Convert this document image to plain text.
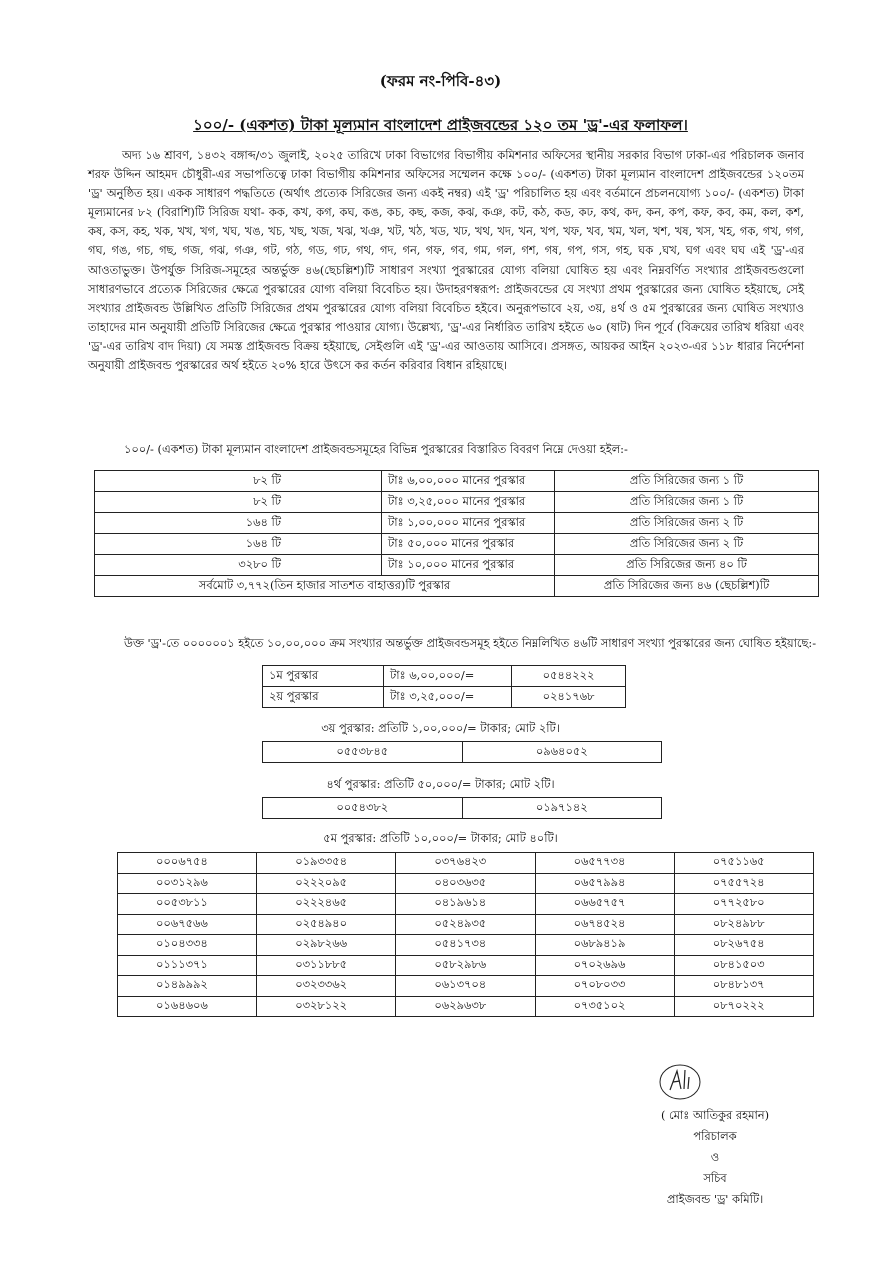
(ফরম নং-পিবি-৪৩)
১০০/- (একশত) টাকা মূল্যমান বাংলাদেশ প্রাইজবন্ডের ১২০ তম 'ড্র'-এর ফলাফল।
অদ্য ১৬ শ্রাবণ, ১৪৩২ বঙ্গাব্দ/৩১ জুলাই, ২০২৫ তারিখে ঢাকা বিভাগের বিভাগীয় কমিশনার অফিসের স্থানীয় সরকার বিভাগ ঢাকা-এর পরিচালক জনাব শরফ উদ্দিন আহমদ চৌধুরী-এর সভাপতিত্বে ঢাকা বিভাগীয় কমিশনার অফিসের সম্মেলন কক্ষে ১০০/- (একশত) টাকা মূল্যমান বাংলাদেশ প্রাইজবন্ডের ১২০তম 'ড্র' অনুষ্ঠিত হয়। একক সাধারণ পদ্ধতিতে (অর্থাৎ প্রত্যেক সিরিজের জন্য একই নম্বর) এই 'ড্র' পরিচালিত হয় এবং বর্তমানে প্রচলনযোগ্য ১০০/- (একশত) টাকা মূল্যমানের ৮২ (বিরাশি)টি সিরিজ যথা- কক, কখ, কগ, কঘ, কঙ, কচ, কছ, কজ, কঝ, কঞ, কট, কঠ, কড, কঢ, কথ, কদ, কন, কপ, কফ, কব, কম, কল, কশ, কষ, কস, কহ, খক, খখ, খগ, খঘ, খঙ, খচ, খছ, খজ, খঝ, খঞ, খট, খঠ, খড, খঢ, খথ, খদ, খন, খপ, খফ, খব, খম, খল, খশ, খষ, খস, খহ, গক, গখ, গগ, গঘ, গঙ, গচ, গছ, গজ, গঝ, গঞ, গট, গঠ, গড, গঢ, গথ, গদ, গন, গফ, গব, গম, গল, গশ, গষ, গপ, গস, গহ, ঘক ,ঘখ, ঘগ এবং ঘঘ এই 'ড্র'-এর আওতাভুক্ত। উপর্যুক্ত সিরিজ-সমূহের অন্তর্ভুক্ত ৪৬(ছেচল্লিশ)টি সাধারণ সংখ্যা পুরস্কারের যোগ্য বলিয়া ঘোষিত হয় এবং নিম্নবর্ণিত সংখ্যার প্রাইজবন্ডগুলো সাধারণভাবে প্রত্যেক সিরিজের ক্ষেত্রে পুরস্কারের যোগ্য বলিয়া বিবেচিত হয়। উদাহরণস্বরূপ: প্রাইজবন্ডের যে সংখ্যা প্রথম পুরস্কারের জন্য ঘোষিত হইয়াছে, সেই সংখ্যার প্রাইজবন্ড উল্লিখিত প্রতিটি সিরিজের প্রথম পুরস্কারের যোগ্য বলিয়া বিবেচিত হইবে। অনুরূপভাবে ২য়, ৩য়, ৪র্থ ও ৫ম পুরস্কারের জন্য ঘোষিত সংখ্যাও তাহাদের মান অনুযায়ী প্রতিটি সিরিজের ক্ষেত্রে পুরস্কার পাওয়ার যোগ্য। উল্লেখ্য, 'ড্র'-এর নির্ধারিত তারিখ হইতে ৬০ (ষাট) দিন পূর্বে (বিক্রয়ের তারিখ ধরিয়া এবং 'ড্র'-এর তারিখ বাদ দিয়া) যে সমস্ত প্রাইজবন্ড বিক্রয় হইয়াছে, সেইগুলি এই 'ড্র'-এর আওতায় আসিবে। প্রসঙ্গত, আয়কর আইন ২০২৩-এর ১১৮ ধারার নির্দেশনা অনুযায়ী প্রাইজবন্ড পুরস্কারের অর্থ হইতে ২০% হারে উৎসে কর কর্তন করিবার বিধান রহিয়াছে।
১০০/- (একশত) টাকা মূল্যমান বাংলাদেশ প্রাইজবন্ডসমূহের বিভিন্ন পুরস্কারের বিস্তারিত বিবরণ নিম্নে দেওয়া হইল:-
৮২ টি	টাঃ ৬,০০,০০০ মানের পুরস্কার	প্রতি সিরিজের জন্য ১ টি
৮২ টি	টাঃ ৩,২৫,০০০ মানের পুরস্কার	প্রতি সিরিজের জন্য ১ টি
১৬৪ টি	টাঃ ১,০০,০০০ মানের পুরস্কার	প্রতি সিরিজের জন্য ২ টি
১৬৪ টি	টাঃ ৫০,০০০ মানের পুরস্কার	প্রতি সিরিজের জন্য ২ টি
৩২৮০ টি	টাঃ ১০,০০০ মানের পুরস্কার	প্রতি সিরিজের জন্য ৪০ টি
সর্বমোট ৩,৭৭২(তিন হাজার সাতশত বাহাত্তর)টি পুরস্কার		প্রতি সিরিজের জন্য ৪৬ (ছেচল্লিশ)টি
উক্ত 'ড্র'-তে ০০০০০০১ হইতে ১০,০০,০০০ ক্রম সংখ্যার অন্তর্ভুক্ত প্রাইজবন্ডসমূহ হইতে নিম্নলিখিত ৪৬টি সাধারণ সংখ্যা পুরস্কারের জন্য ঘোষিত হইয়াছে:-
১ম পুরস্কার	টাঃ ৬,০০,০০০/=	০৫৪৪২২২
২য় পুরস্কার	টাঃ ৩,২৫,০০০/=	০২৪১৭৬৮
৩য় পুরস্কার: প্রতিটি ১,০০,০০০/= টাকার; মোট ২টি।
০৫৫৩৮৪৫	০৯৬৪০৫২
৪র্থ পুরস্কার: প্রতিটি ৫০,০০০/= টাকার; মোট ২টি।
০০৫৪৩৮২	০১৯৭১৪২
৫ম পুরস্কার: প্রতিটি ১০,০০০/= টাকার; মোট ৪০টি।
০০০৬৭৫৪	০১৯৩৩৫৪	০৩৭৬৪২৩	০৬৫৭৭৩৪	০৭৫১১৬৫
০০৩১২৯৬	০২২২০৯৫	০৪০৩৬৩৫	০৬৫৭৯৯৪	০৭৫৫৭২৪
০০৫৩৮১১	০২২২৪৬৫	০৪১৯৬১৪	০৬৬৫৭৫৭	০৭৭২৫৮০
০০৬৭৫৬৬	০২৫৪৯৪০	০৫২৪৯৩৫	০৬৭৪৫২৪	০৮২৪৯৮৮
০১০৪৩৩৪	০২৯৮২৬৬	০৫৪১৭৩৪	০৬৮৯৪১৯	০৮২৬৭৫৪
০১১১৩৭১	০৩১১৮৮৫	০৫৮২৯৮৬	০৭০২৬৯৬	০৮৪১৫০৩
০১৪৯৯৯২	০৩২৩৩৬২	০৬১৩৭০৪	০৭০৮০৩৩	০৮৪৮১৩৭
০১৬৪৬০৬	০৩২৮১২২	০৬২৯৬৩৮	০৭৩৫১০২	০৮৭০২২২
( মোঃ আতিকুর রহমান)
পরিচালক
ও
সচিব
প্রাইজবন্ড 'ড্র' কমিটি।
